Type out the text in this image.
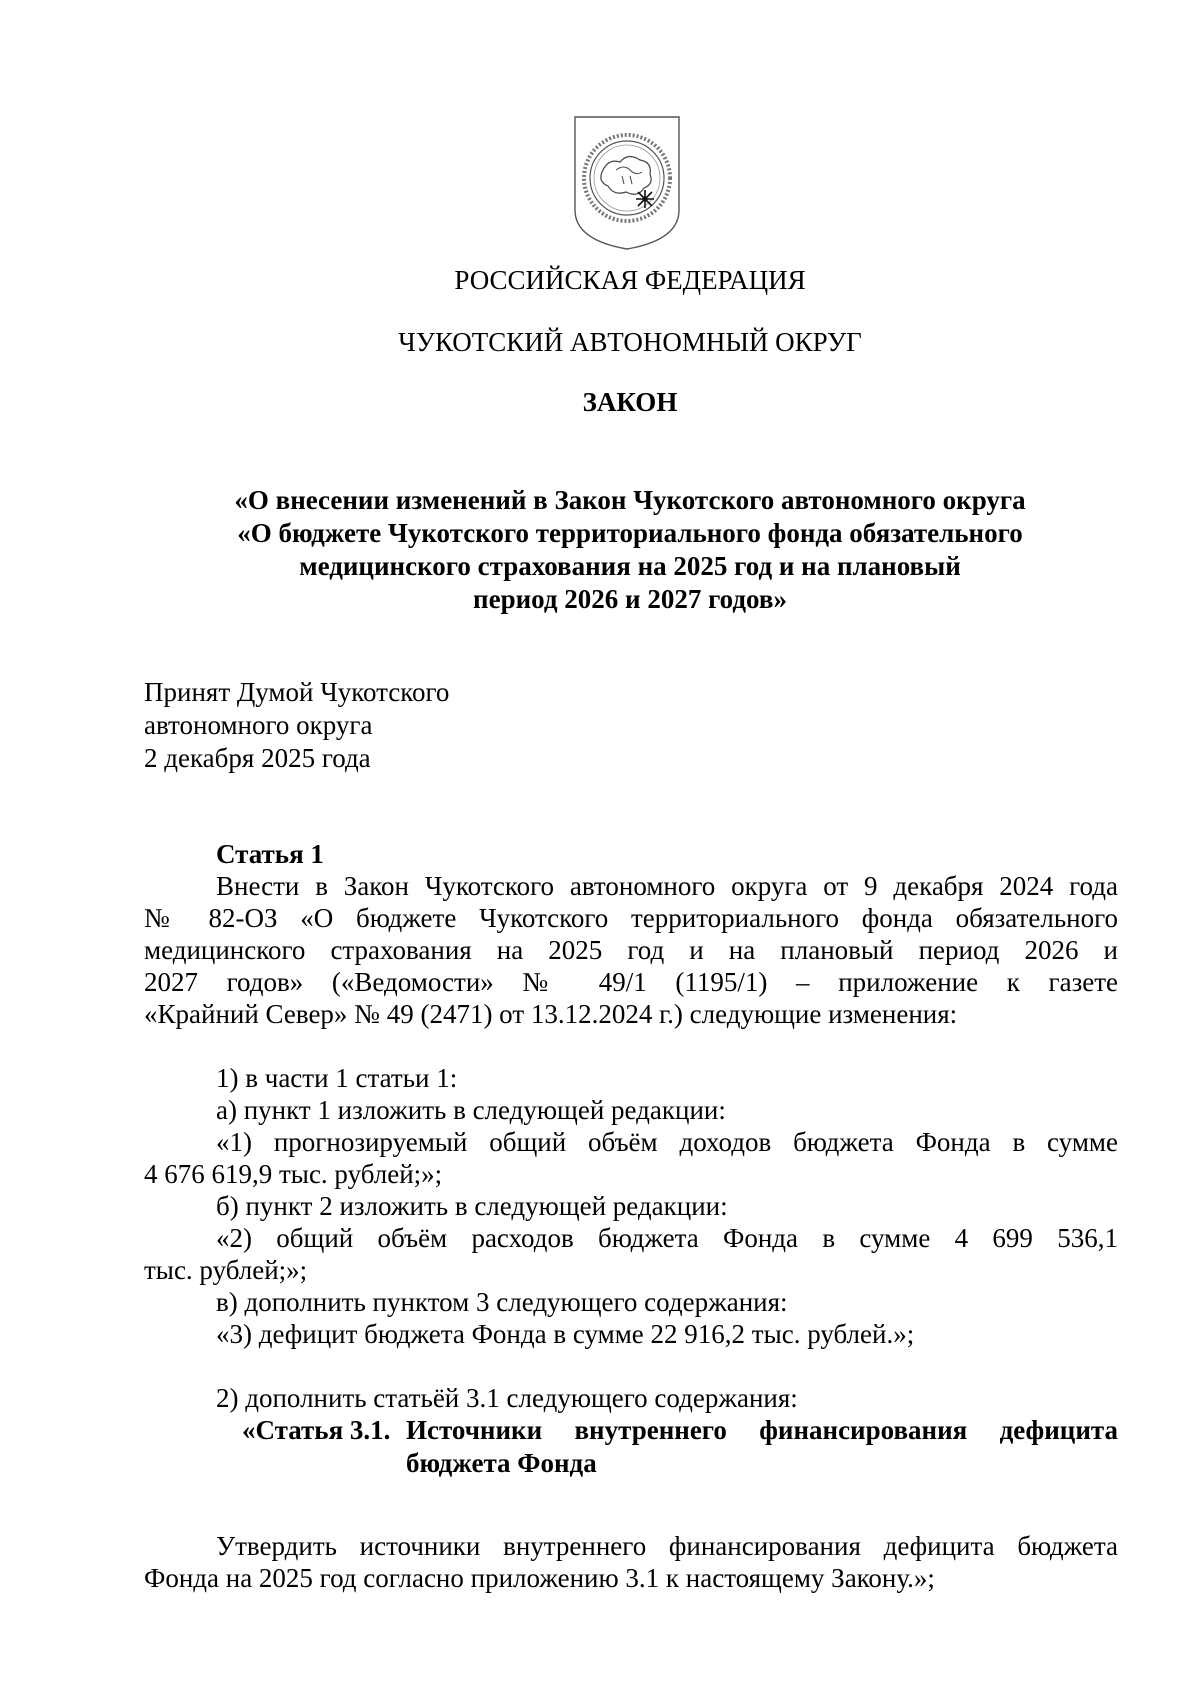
РОССИЙСКАЯ ФЕДЕРАЦИЯ
ЧУКОТСКИЙ АВТОНОМНЫЙ ОКРУГ
ЗАКОН
«О внесении изменений в Закон Чукотского автономного округа
«О бюджете Чукотского территориального фонда обязательного
медицинского страхования на 2025 год и на плановый
период 2026 и 2027 годов»
Принят Думой Чукотского
автономного округа
2 декабря 2025 года
Статья 1
Внести в Закон Чукотского автономного округа от 9 декабря 2024 года
№ 82-ОЗ «О бюджете Чукотского территориального фонда обязательного
медицинского страхования на 2025 год и на плановый период 2026 и
2027 годов» («Ведомости» № 49/1 (1195/1) – приложение к газете
«Крайний Север» № 49 (2471) от 13.12.2024 г.) следующие изменения:
1) в части 1 статьи 1:
а) пункт 1 изложить в следующей редакции:
«1) прогнозируемый общий объём доходов бюджета Фонда в сумме
4 676 619,9 тыс. рублей;»;
б) пункт 2 изложить в следующей редакции:
«2) общий объём расходов бюджета Фонда в сумме 4 699 536,1
тыс. рублей;»;
в) дополнить пунктом 3 следующего содержания:
«3) дефицит бюджета Фонда в сумме 22 916,2 тыс. рублей.»;
2) дополнить статьёй 3.1 следующего содержания:
«Статья 3.1. Источники внутреннего финансирования дефицита
бюджета Фонда
Утвердить источники внутреннего финансирования дефицита бюджета
Фонда на 2025 год согласно приложению 3.1 к настоящему Закону.»;
